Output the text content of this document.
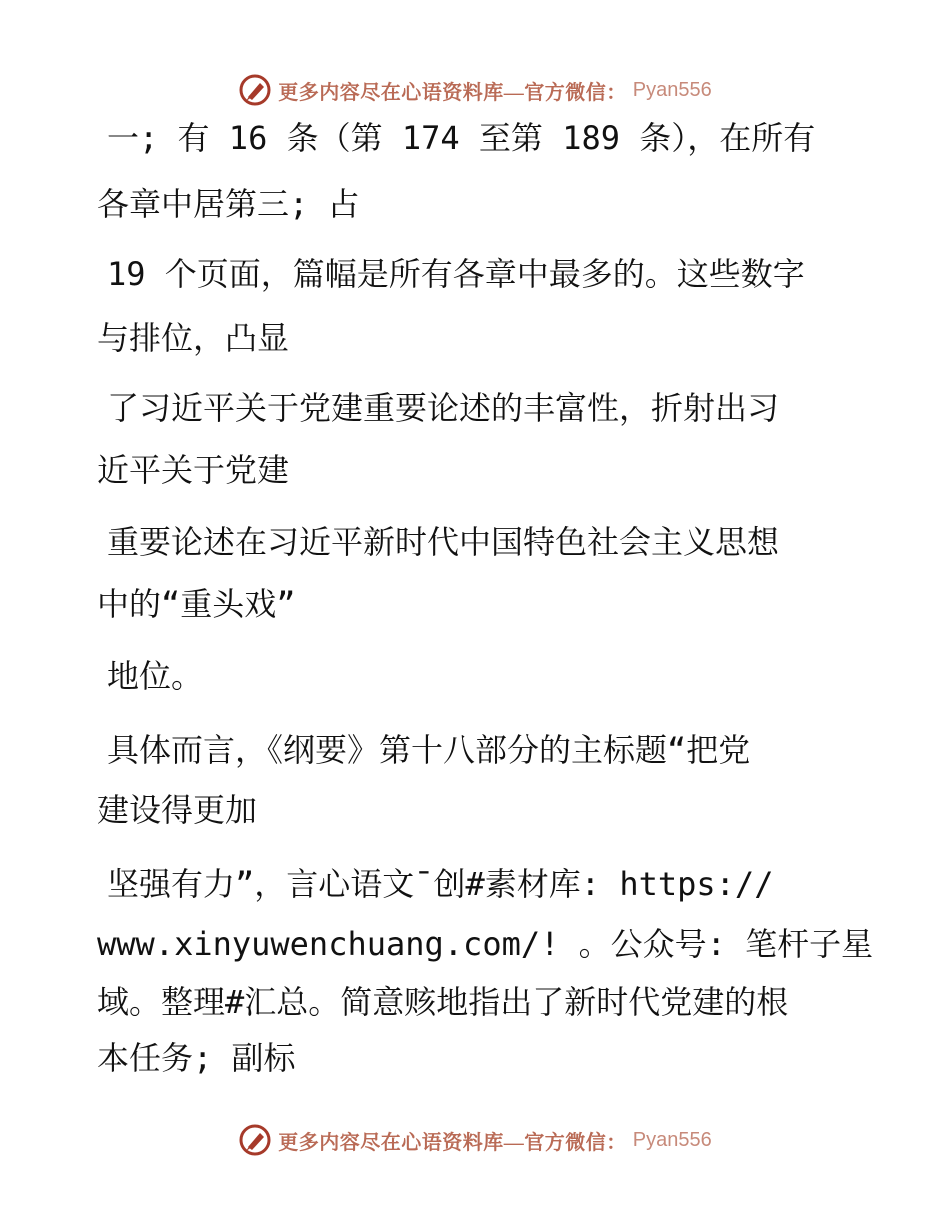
更多内容尽在心语资料库—官方微信： Pyan556
一; 有 16 条（第 174 至第 189 条），在所有
各章中居第三; 占
19 个页面，篇幅是所有各章中最多的。这些数字
与排位，凸显
了习近平关于党建重要论述的丰富性，折射出习
近平关于党建
重要论述在习近平新时代中国特色社会主义思想
中的“重头戏”
地位。
具体而言，《纲要》第十八部分的主标题“把党
建设得更加
坚强有力”，言心语文¯创#素材库: https://
www.xinyuwenchuang.com/! 。公众号: 笔杆子星
域。整理#汇总。简意赅地指出了新时代党建的根
本任务; 副标
更多内容尽在心语资料库—官方微信： Pyan556
